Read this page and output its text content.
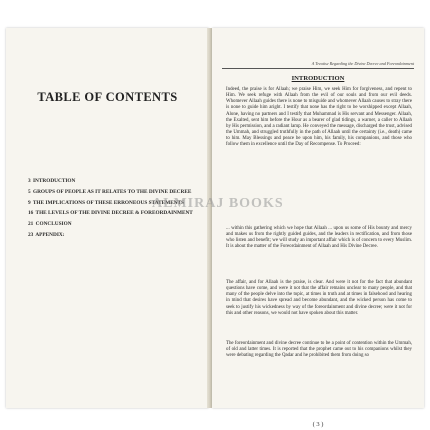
TABLE OF CONTENTS
3 INTRODUCTION
5 GROUPS OF PEOPLE AS IT RELATES TO THE DIVINE DECREE
9 THE IMPLICATIONS OF THESE ERRONEOUS STATEMENTS
16 THE LEVELS OF THE DIVINE DECREE & FOREORDAINMENT
21 CONCLUSION
23 APPENDIX:
A Treatise Regarding the Divine Decree and Foreordainment
INTRODUCTION
Indeed, the praise is for Allaah; we praise Him, we seek Him for forgiveness, and repent to Him. We seek refuge with Allaah from the evil of our souls and from our evil deeds. Whomever Allaah guides there is none to misguide and whomever Allaah causes to stray there is none to guide him aright. I testify that none has the right to be worshipped except Allaah, Alone, having no partners and I testify that Muhammad is His servant and Messenger. Allaah, the Exalted, sent him before the Hour as a bearer of glad tidings, a warner, a caller to Allaah by His permission, and a radiant lamp. He conveyed the message, discharged the trust, advised the Ummah, and struggled truthfully in the path of Allaah until the certainty (i.e., death) came to him. May Blessings and peace be upon him, his family, his companions, and those who follow them in excellence until the Day of Recompense. To Proceed:
... within this gathering which we hope that Allaah ... upon us some of His bounty and mercy and makes us from the rightly guided guides, and the leaders in rectification, and from those who listen and benefit; we will study an important affair which is of concern to every Muslim. It is about the matter of the Foreordainment of Allaah and His Divine Decree.
The affair, and for Allaah is the praise, is clear. And were it not for the fact that abundant questions have come, and were it not that the affair remains unclear to many people, and that many of the people delve into the topic, at times in truth and at times in falsehood and hearing in mind that desires have spread and become abundant, and the wicked person has come to seek to justify his wickedness by way of the foreordainment and divine decree; were it not for this and other reasons, we would not have spoken about this matter.
The foreordainment and divine decree continue to be a point of contention within the Ummah, of old and latter times. It is reported that the prophet came out to his companions whilst they were debating regarding the Qadar and he prohibited them from doing so
( 3 )
ALMIRAJ BOOKS
